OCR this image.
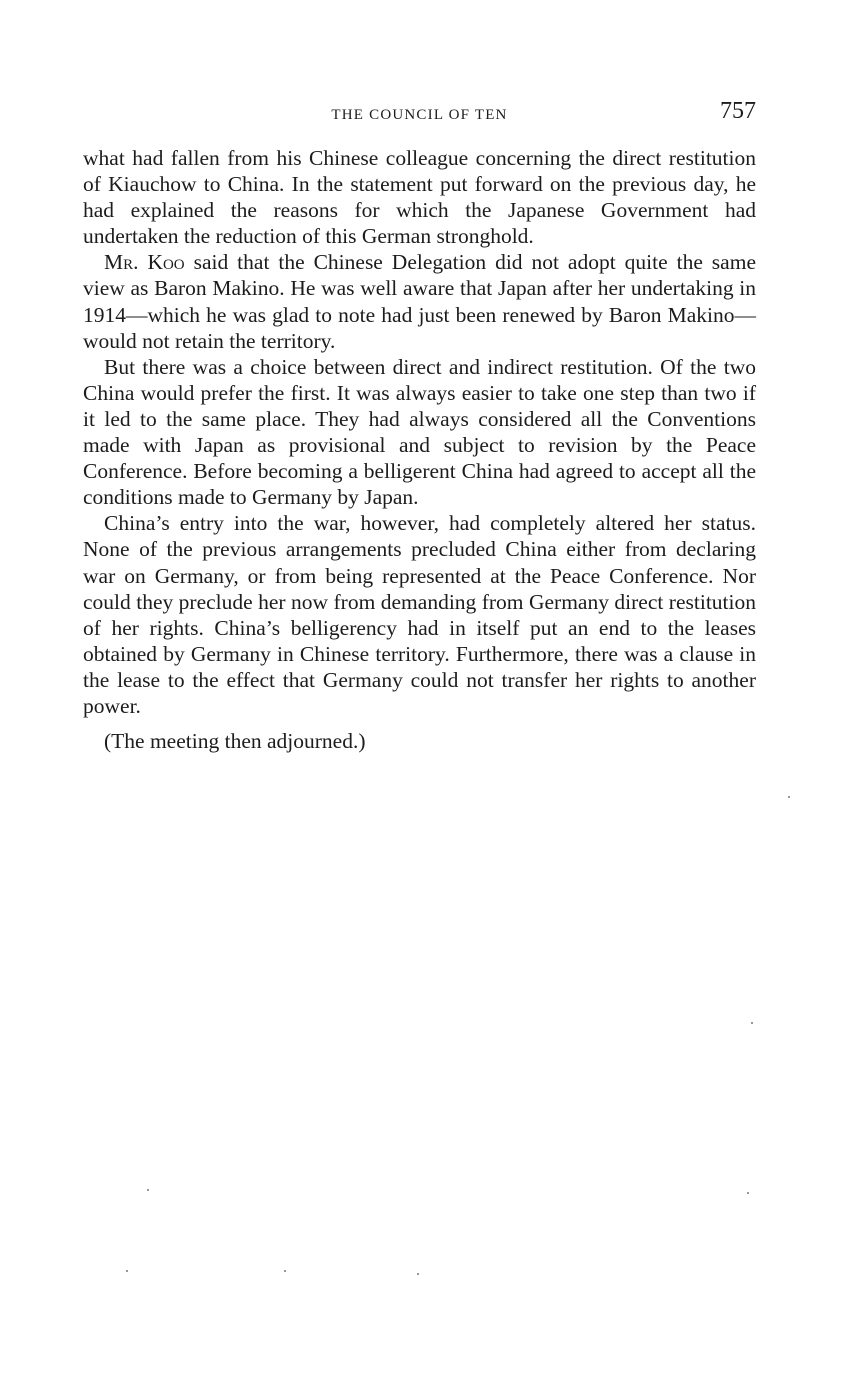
THE COUNCIL OF TEN	757

what had fallen from his Chinese colleague concerning the direct restitution of Kiauchow to China. In the statement put forward on the previous day, he had explained the reasons for which the Japanese Government had undertaken the reduction of this German stronghold.

Mr. Koo said that the Chinese Delegation did not adopt quite the same view as Baron Makino. He was well aware that Japan after her undertaking in 1914—which he was glad to note had just been renewed by Baron Makino—would not retain the territory.

But there was a choice between direct and indirect restitution. Of the two China would prefer the first. It was always easier to take one step than two if it led to the same place. They had always considered all the Conventions made with Japan as provisional and subject to revision by the Peace Conference. Before becoming a belligerent China had agreed to accept all the conditions made to Germany by Japan.

China’s entry into the war, however, had completely altered her status. None of the previous arrangements precluded China either from declaring war on Germany, or from being represented at the Peace Conference. Nor could they preclude her now from demanding from Germany direct restitution of her rights. China’s belligerency had in itself put an end to the leases obtained by Germany in Chinese territory. Furthermore, there was a clause in the lease to the effect that Germany could not transfer her rights to another power.

(The meeting then adjourned.)
